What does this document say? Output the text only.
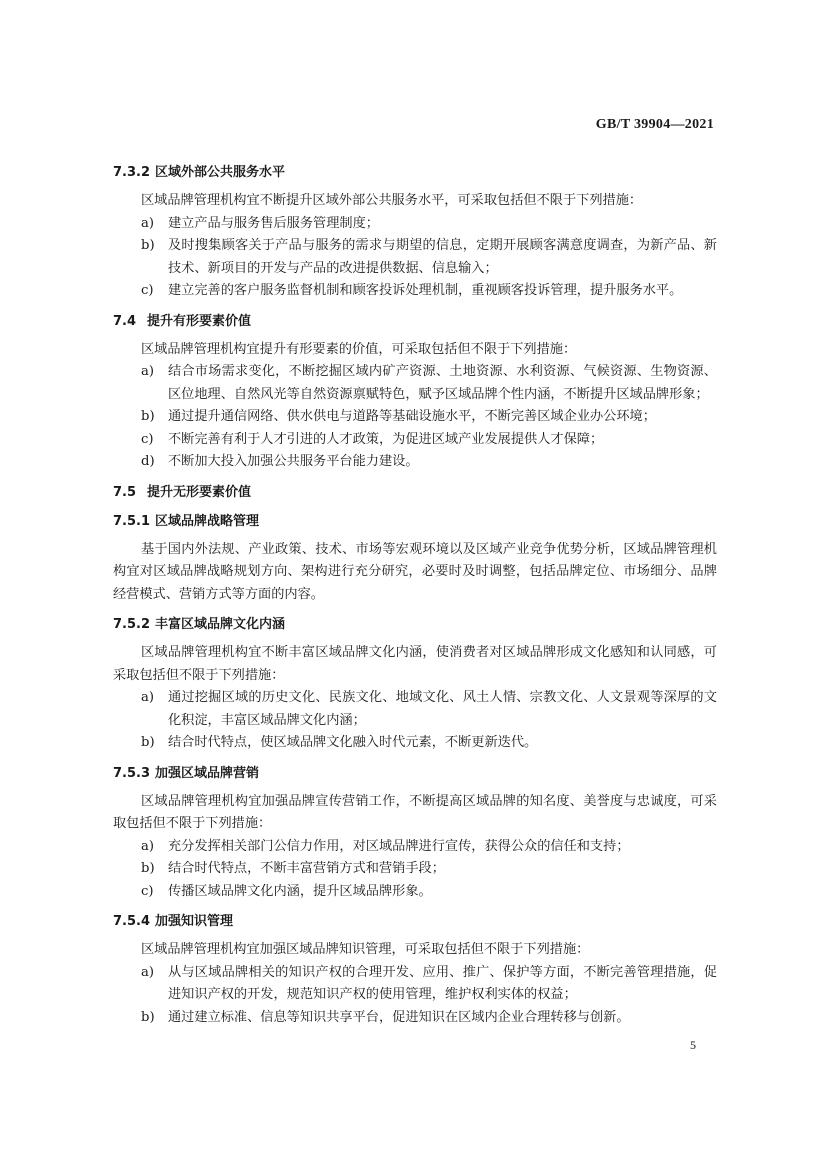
GB/T 39904—2021
7.3.2 区域外部公共服务水平
区域品牌管理机构宜不断提升区域外部公共服务水平，可采取包括但不限于下列措施：
a) 建立产品与服务售后服务管理制度；
b) 及时搜集顾客关于产品与服务的需求与期望的信息，定期开展顾客满意度调查，为新产品、新技术、新项目的开发与产品的改进提供数据、信息输入；
c) 建立完善的客户服务监督机制和顾客投诉处理机制，重视顾客投诉管理，提升服务水平。
7.4 提升有形要素价值
区域品牌管理机构宜提升有形要素的价值，可采取包括但不限于下列措施：
a) 结合市场需求变化，不断挖掘区域内矿产资源、土地资源、水利资源、气候资源、生物资源、区位地理、自然风光等自然资源禀赋特色，赋予区域品牌个性内涵，不断提升区域品牌形象；
b) 通过提升通信网络、供水供电与道路等基础设施水平，不断完善区域企业办公环境；
c) 不断完善有利于人才引进的人才政策，为促进区域产业发展提供人才保障；
d) 不断加大投入加强公共服务平台能力建设。
7.5 提升无形要素价值
7.5.1 区域品牌战略管理
基于国内外法规、产业政策、技术、市场等宏观环境以及区域产业竞争优势分析，区域品牌管理机构宜对区域品牌战略规划方向、架构进行充分研究，必要时及时调整，包括品牌定位、市场细分、品牌经营模式、营销方式等方面的内容。
7.5.2 丰富区域品牌文化内涵
区域品牌管理机构宜不断丰富区域品牌文化内涵，使消费者对区域品牌形成文化感知和认同感，可采取包括但不限于下列措施：
a) 通过挖掘区域的历史文化、民族文化、地域文化、风土人情、宗教文化、人文景观等深厚的文化积淀，丰富区域品牌文化内涵；
b) 结合时代特点，使区域品牌文化融入时代元素，不断更新迭代。
7.5.3 加强区域品牌营销
区域品牌管理机构宜加强品牌宣传营销工作，不断提高区域品牌的知名度、美誉度与忠诚度，可采取包括但不限于下列措施：
a) 充分发挥相关部门公信力作用，对区域品牌进行宣传，获得公众的信任和支持；
b) 结合时代特点，不断丰富营销方式和营销手段；
c) 传播区域品牌文化内涵，提升区域品牌形象。
7.5.4 加强知识管理
区域品牌管理机构宜加强区域品牌知识管理，可采取包括但不限于下列措施：
a) 从与区域品牌相关的知识产权的合理开发、应用、推广、保护等方面，不断完善管理措施，促进知识产权的开发，规范知识产权的使用管理，维护权利实体的权益；
b) 通过建立标准、信息等知识共享平台，促进知识在区域内企业合理转移与创新。
5
